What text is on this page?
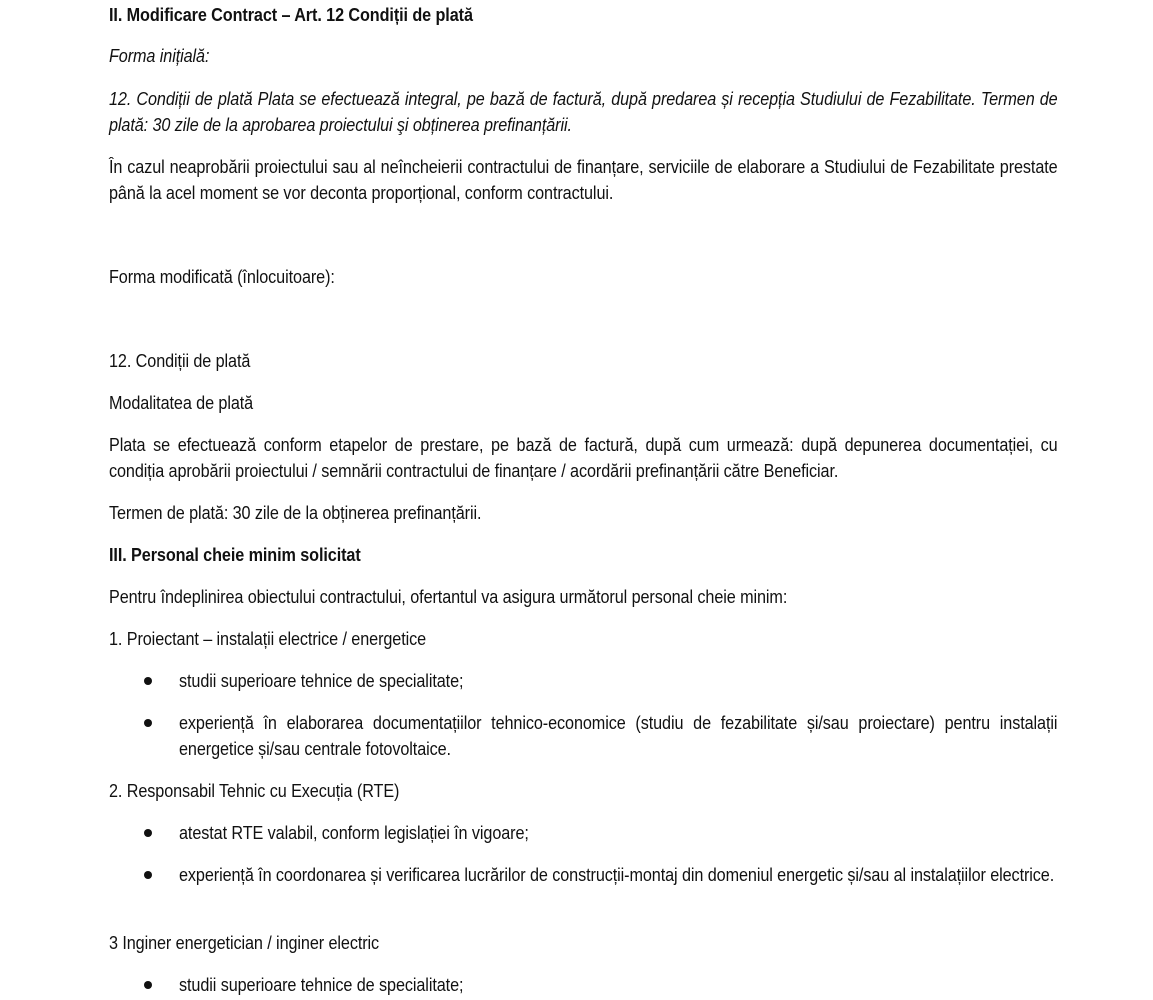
II. Modificare Contract – Art. 12 Condiții de plată
Forma inițială:
12. Condiții de plată Plata se efectuează integral, pe bază de factură, după predarea și recepția Studiului de Fezabilitate. Termen de plată: 30 zile de la aprobarea proiectului şi obținerea prefinanțării.
În cazul neaprobării proiectului sau al neîncheierii contractului de finanțare, serviciile de elaborare a Studiului de Fezabilitate prestate până la acel moment se vor deconta proporțional, conform contractului.
Forma modificată (înlocuitoare):
12. Condiții de plată
Modalitatea de plată
Plata se efectuează conform etapelor de prestare, pe bază de factură, după cum urmează: după depunerea documentației, cu condiția aprobării proiectului / semnării contractului de finanțare / acordării prefinanțării către Beneficiar.
Termen de plată: 30 zile de la obținerea prefinanțării.
III. Personal cheie minim solicitat
Pentru îndeplinirea obiectului contractului, ofertantul va asigura următorul personal cheie minim:
1. Proiectant – instalații electrice / energetice
studii superioare tehnice de specialitate;
experiență în elaborarea documentațiilor tehnico-economice (studiu de fezabilitate și/sau proiectare) pentru instalații energetice și/sau centrale fotovoltaice.
2. Responsabil Tehnic cu Execuția (RTE)
atestat RTE valabil, conform legislației în vigoare;
experiență în coordonarea și verificarea lucrărilor de construcții-montaj din domeniul energetic și/sau al instalațiilor electrice.
3 Inginer energetician / inginer electric
studii superioare tehnice de specialitate;
